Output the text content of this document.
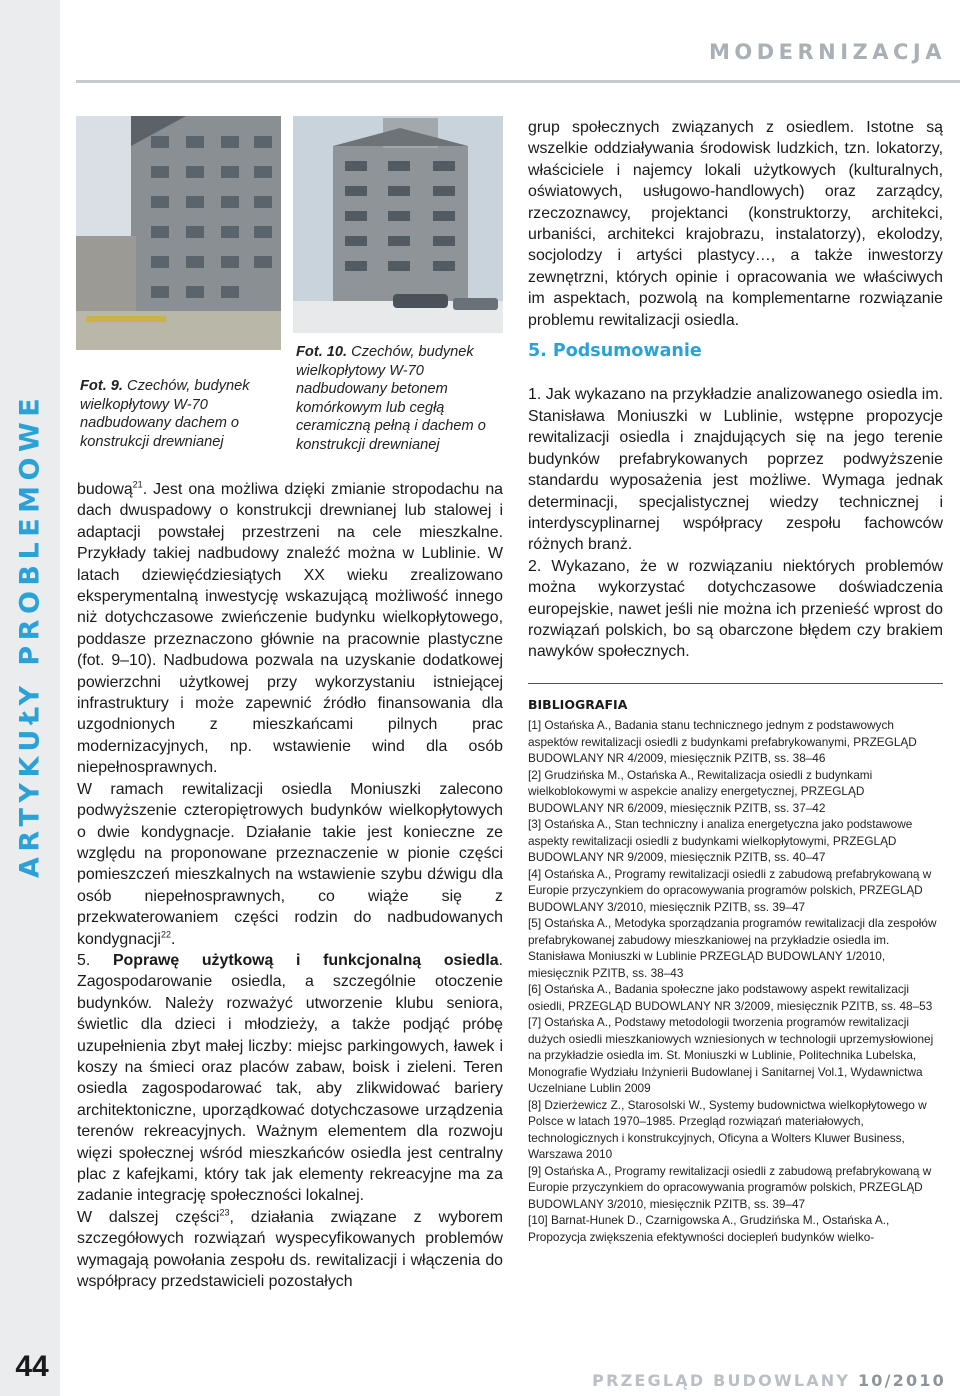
ARTYKUŁY PROBLEMOWE
44
MODERNIZACJA
Fot. 9. Czechów, budynek wielkopłytowy W-70 nadbudowany dachem o konstrukcji drewnianej
Fot. 10. Czechów, budynek wielkopłytowy W-70 nadbudowany betonem komórkowym lub cegłą ceramiczną pełną i dachem o konstrukcji drewnianej

budową$^{21}$. Jest ona możliwa dzięki zmianie stropodachu na dach dwuspadowy o konstrukcji drewnianej lub stalowej i adaptacji powstałej przestrzeni na cele mieszkalne. Przykłady takiej nadbudowy znaleźć można w Lublinie. W latach dziewięćdziesiątych XX wieku zrealizowano eksperymentalną inwestycję wskazującą możliwość innego niż dotychczasowe zwieńczenie budynku wielkopłytowego, poddasze przeznaczono głównie na pracownie plastyczne (fot. 9–10). Nadbudowa pozwala na uzyskanie dodatkowej powierzchni użytkowej przy wykorzystaniu istniejącej infrastruktury i może zapewnić źródło finansowania dla uzgodnionych z mieszkańcami pilnych prac modernizacyjnych, np. wstawienie wind dla osób niepełnosprawnych.

W ramach rewitalizacji osiedla Moniuszki zalecono podwyższenie czteropiętrowych budynków wielkopłytowych o dwie kondygnacje. Działanie takie jest konieczne ze względu na proponowane przeznaczenie w pionie części pomieszczeń mieszkalnych na wstawienie szybu dźwigu dla osób niepełnosprawnych, co wiąże się z przekwaterowaniem części rodzin do nadbudowanych kondygnacji$^{22}$.

5. Poprawę użytkową i funkcjonalną osiedla. Zagospodarowanie osiedla, a szczególnie otoczenie budynków. Należy rozważyć utworzenie klubu seniora, świetlic dla dzieci i młodzieży, a także podjąć próbę uzupełnienia zbyt małej liczby: miejsc parkingowych, ławek i koszy na śmieci oraz placów zabaw, boisk i zieleni. Teren osiedla zagospodarować tak, aby zlikwidować bariery architektoniczne, uporządkować dotychczasowe urządzenia terenów rekreacyjnych. Ważnym elementem dla rozwoju więzi społecznej wśród mieszkańców osiedla jest centralny plac z kafejkami, który tak jak elementy rekreacyjne ma za zadanie integrację społeczności lokalnej.

W dalszej części$^{23}$, działania związane z wyborem szczegółowych rozwiązań wyspecyfikowanych problemów wymagają powołania zespołu ds. rewitalizacji i włączenia do współpracy przedstawicieli pozostałych

grup społecznych związanych z osiedlem. Istotne są wszelkie oddziaływania środowisk ludzkich, tzn. lokatorzy, właściciele i najemcy lokali użytkowych (kulturalnych, oświatowych, usługowo-handlowych) oraz zarządcy, rzeczoznawcy, projektanci (konstruktorzy, architekci, urbaniści, architekci krajobrazu, instalatorzy), ekolodzy, socjolodzy i artyści plastycy…, a także inwestorzy zewnętrzni, których opinie i opracowania we właściwych im aspektach, pozwolą na komplementarne rozwiązanie problemu rewitalizacji osiedla.

5. Podsumowanie

1. Jak wykazano na przykładzie analizowanego osiedla im. Stanisława Moniuszki w Lublinie, wstępne propozycje rewitalizacji osiedla i znajdujących się na jego terenie budynków prefabrykowanych poprzez podwyższenie standardu wyposażenia jest możliwe. Wymaga jednak determinacji, specjalistycznej wiedzy technicznej i interdyscyplinarnej współpracy zespołu fachowców różnych branż.

2. Wykazano, że w rozwiązaniu niektórych problemów można wykorzystać dotychczasowe doświadczenia europejskie, nawet jeśli nie można ich przenieść wprost do rozwiązań polskich, bo są obarczone błędem czy brakiem nawyków społecznych.

BIBLIOGRAFIA
[1] Ostańska A., Badania stanu technicznego jednym z podstawowych aspektów rewitalizacji osiedli z budynkami prefabrykowanymi, PRZEGLĄD BUDOWLANY NR 4/2009, miesięcznik PZITB, ss. 38–46
[2] Grudzińska M., Ostańska A., Rewitalizacja osiedli z budynkami wielkoblokowymi w aspekcie analizy energetycznej, PRZEGLĄD BUDOWLANY NR 6/2009, miesięcznik PZITB, ss. 37–42
[3] Ostańska A., Stan techniczny i analiza energetyczna jako podstawowe aspekty rewitalizacji osiedli z budynkami wielkopłytowymi, PRZEGLĄD BUDOWLANY NR 9/2009, miesięcznik PZITB, ss. 40–47
[4] Ostańska A., Programy rewitalizacji osiedli z zabudową prefabrykowaną w Europie przyczynkiem do opracowywania programów polskich, PRZEGLĄD BUDOWLANY 3/2010, miesięcznik PZITB, ss. 39–47
[5] Ostańska A., Metodyka sporządzania programów rewitalizacji dla zespołów prefabrykowanej zabudowy mieszkaniowej na przykładzie osiedla im. Stanisława Moniuszki w Lublinie PRZEGLĄD BUDOWLANY 1/2010, miesięcznik PZITB, ss. 38–43
[6] Ostańska A., Badania społeczne jako podstawowy aspekt rewitalizacji osiedli, PRZEGLĄD BUDOWLANY NR 3/2009, miesięcznik PZITB, ss. 48–53
[7] Ostańska A., Podstawy metodologii tworzenia programów rewitalizacji dużych osiedli mieszkaniowych wzniesionych w technologii uprzemysłowionej na przykładzie osiedla im. St. Moniuszki w Lublinie, Politechnika Lubelska, Monografie Wydziału Inżynierii Budowlanej i Sanitarnej Vol.1, Wydawnictwa Uczelniane Lublin 2009
[8] Dzierżewicz Z., Starosolski W., Systemy budownictwa wielkopłytowego w Polsce w latach 1970–1985. Przegląd rozwiązań materiałowych, technologicznych i konstrukcyjnych, Oficyna a Wolters Kluwer Business, Warszawa 2010
[9] Ostańska A., Programy rewitalizacji osiedli z zabudową prefabrykowaną w Europie przyczynkiem do opracowywania programów polskich, PRZEGLĄD BUDOWLANY 3/2010, miesięcznik PZITB, ss. 39–47
[10] Barnat-Hunek D., Czarnigowska A., Grudzińska M., Ostańska A., Propozycja zwiększenia efektywności dociepleń budynków wielko-
PRZEGLĄD BUDOWLANY 10/2010
